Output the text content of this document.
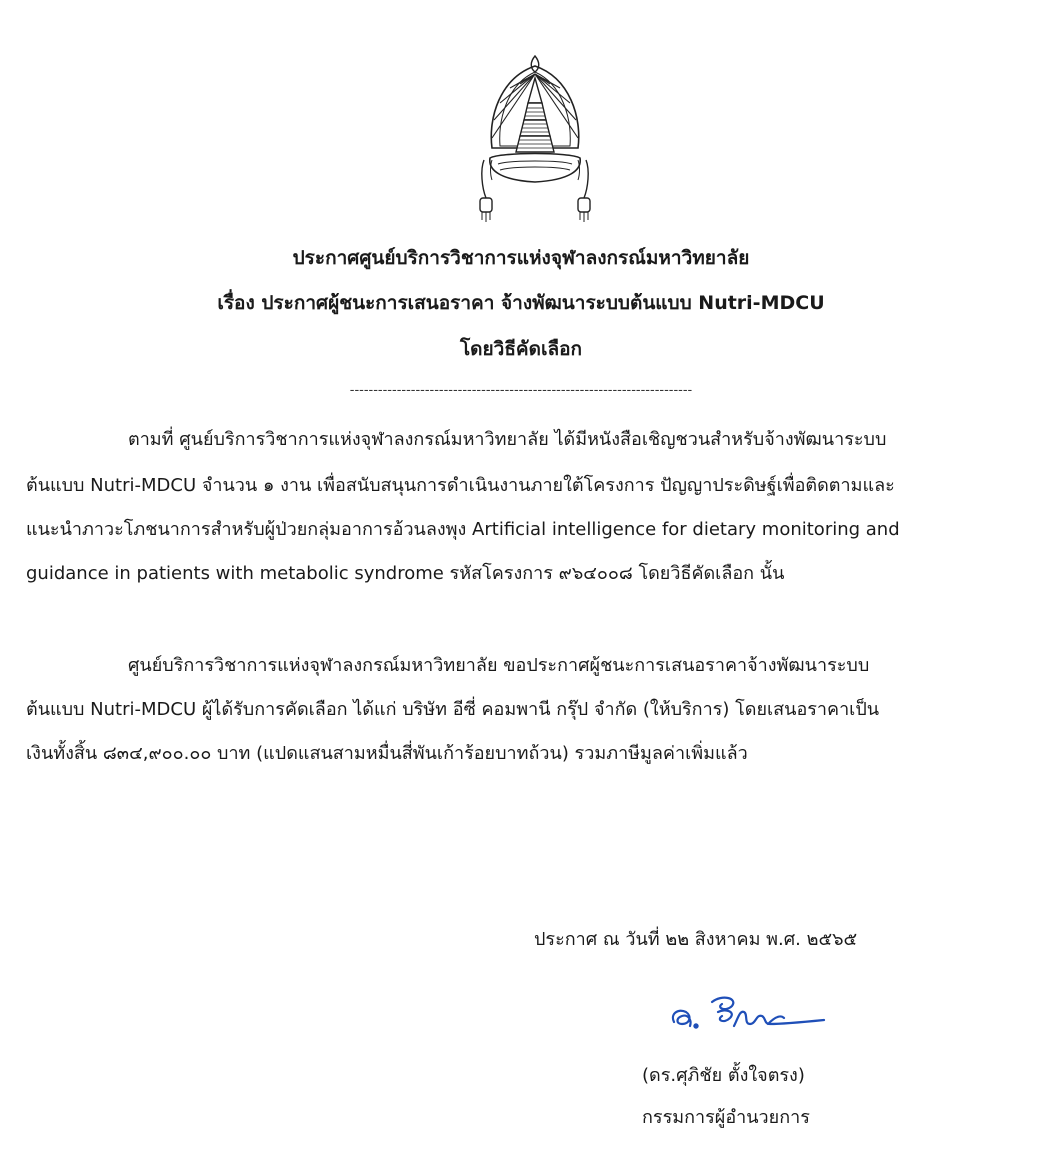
ประกาศศูนย์บริการวิชาการแห่งจุฬาลงกรณ์มหาวิทยาลัย
เรื่อง ประกาศผู้ชนะการเสนอราคา จ้างพัฒนาระบบต้นแบบ Nutri-MDCU
โดยวิธีคัดเลือก
-------------------------------------------------------------------------
ตามที่ ศูนย์บริการวิชาการแห่งจุฬาลงกรณ์มหาวิทยาลัย ได้มีหนังสือเชิญชวนสำหรับจ้างพัฒนาระบบ
ต้นแบบ Nutri-MDCU จำนวน ๑ งาน เพื่อสนับสนุนการดำเนินงานภายใต้โครงการ ปัญญาประดิษฐ์เพื่อติดตามและ
แนะนำภาวะโภชนาการสำหรับผู้ป่วยกลุ่มอาการอ้วนลงพุง Artificial intelligence for dietary monitoring and
guidance in patients with metabolic syndrome รหัสโครงการ ๙๖๔๐๐๘ โดยวิธีคัดเลือก นั้น
ศูนย์บริการวิชาการแห่งจุฬาลงกรณ์มหาวิทยาลัย ขอประกาศผู้ชนะการเสนอราคาจ้างพัฒนาระบบ
ต้นแบบ Nutri-MDCU ผู้ได้รับการคัดเลือก ได้แก่ บริษัท อีซี่ คอมพานี กรุ๊ป จำกัด (ให้บริการ) โดยเสนอราคาเป็น
เงินทั้งสิ้น ๘๓๔,๙๐๐.๐๐ บาท (แปดแสนสามหมื่นสี่พันเก้าร้อยบาทถ้วน) รวมภาษีมูลค่าเพิ่มแล้ว
ประกาศ ณ วันที่ ๒๒ สิงหาคม พ.ศ. ๒๕๖๕
(ดร.ศุภิชัย ตั้งใจตรง)
กรรมการผู้อำนวยการ
